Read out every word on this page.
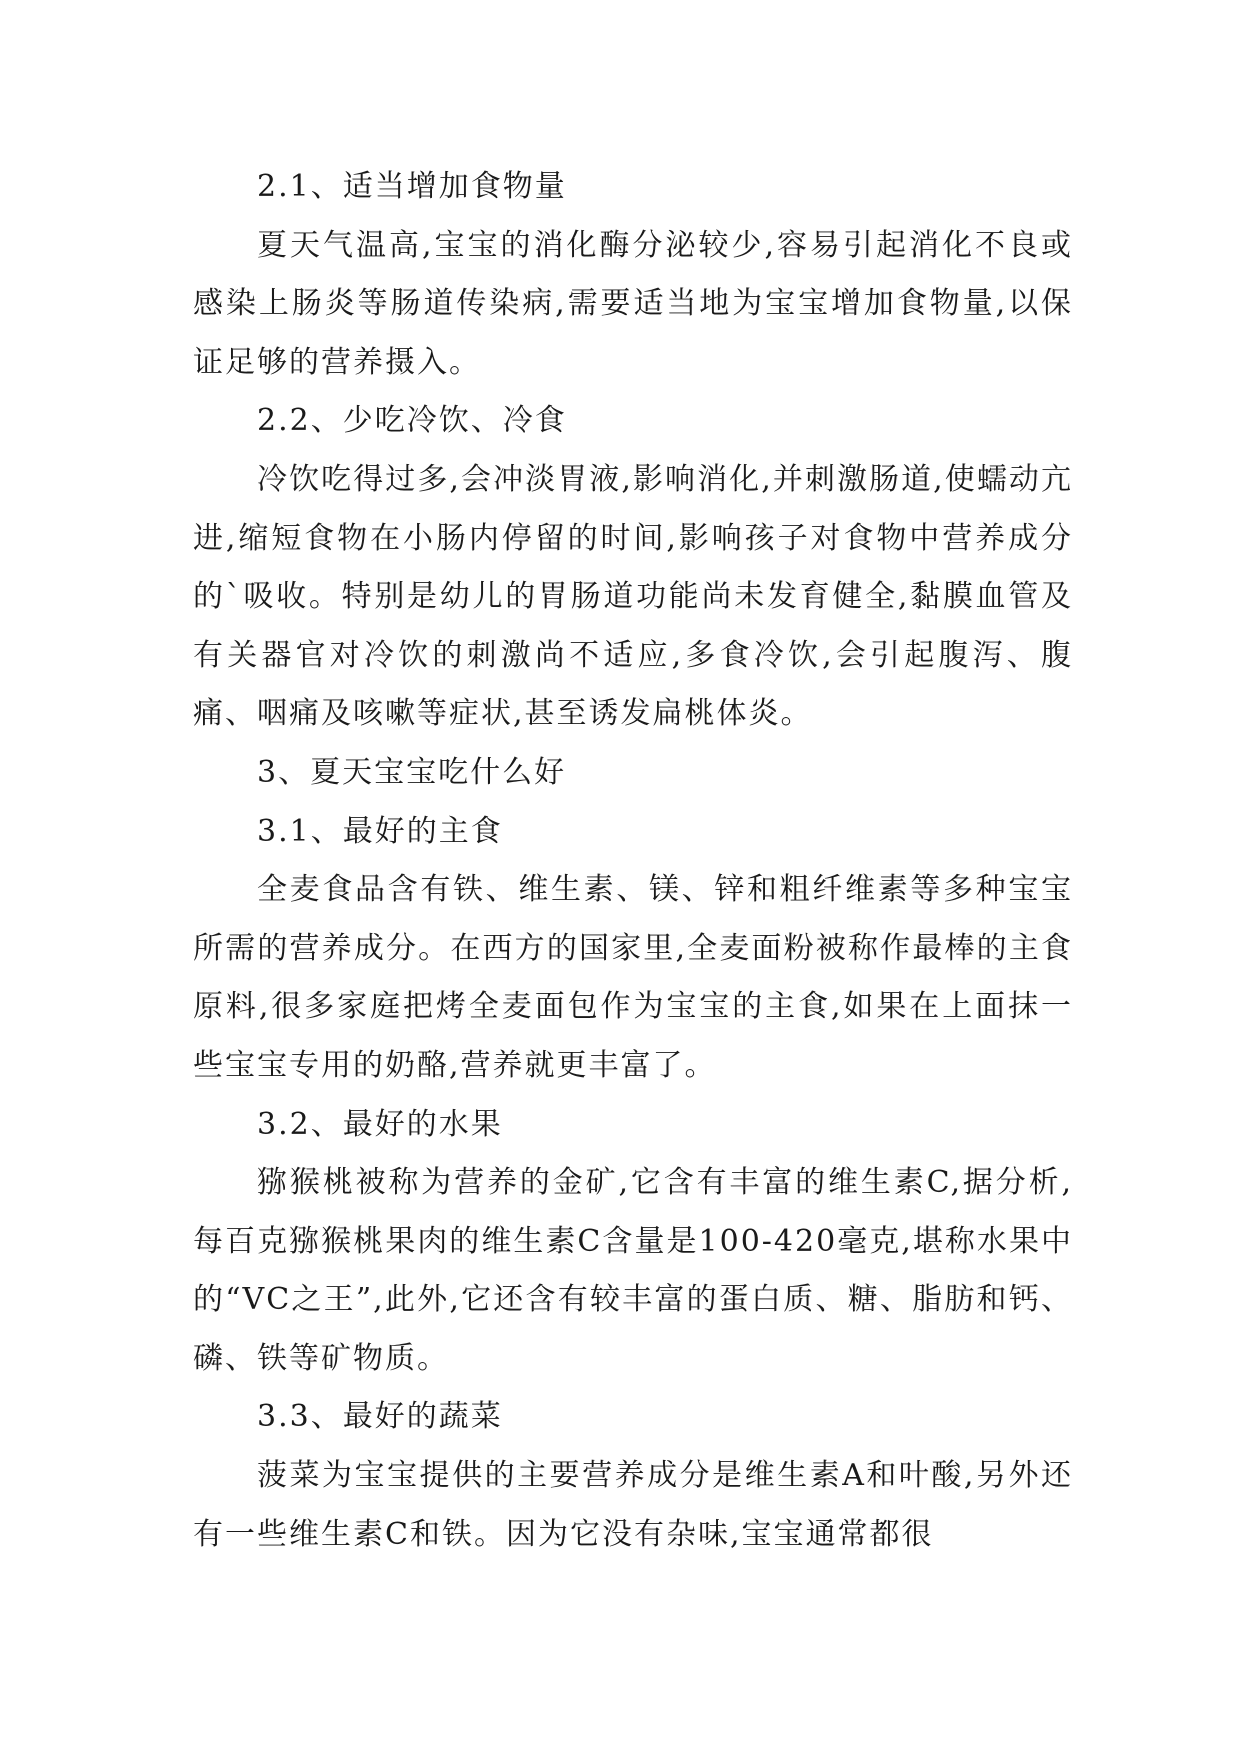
2.1、适当增加食物量

夏天气温高,宝宝的消化酶分泌较少,容易引起消化不良或感染上肠炎等肠道传染病,需要适当地为宝宝增加食物量,以保证足够的营养摄入。

2.2、少吃冷饮、冷食

冷饮吃得过多,会冲淡胃液,影响消化,并刺激肠道,使蠕动亢进,缩短食物在小肠内停留的时间,影响孩子对食物中营养成分的`吸收。特别是幼儿的胃肠道功能尚未发育健全,黏膜血管及有关器官对冷饮的刺激尚不适应,多食冷饮,会引起腹泻、腹痛、咽痛及咳嗽等症状,甚至诱发扁桃体炎。

3、夏天宝宝吃什么好

3.1、最好的主食

全麦食品含有铁、维生素、镁、锌和粗纤维素等多种宝宝所需的营养成分。在西方的国家里,全麦面粉被称作最棒的主食原料,很多家庭把烤全麦面包作为宝宝的主食,如果在上面抹一些宝宝专用的奶酪,营养就更丰富了。

3.2、最好的水果

猕猴桃被称为营养的金矿,它含有丰富的维生素C,据分析,每百克猕猴桃果肉的维生素C含量是100-420毫克,堪称水果中的“VC之王”,此外,它还含有较丰富的蛋白质、糖、脂肪和钙、磷、铁等矿物质。

3.3、最好的蔬菜

菠菜为宝宝提供的主要营养成分是维生素A和叶酸,另外还有一些维生素C和铁。因为它没有杂味,宝宝通常都很
